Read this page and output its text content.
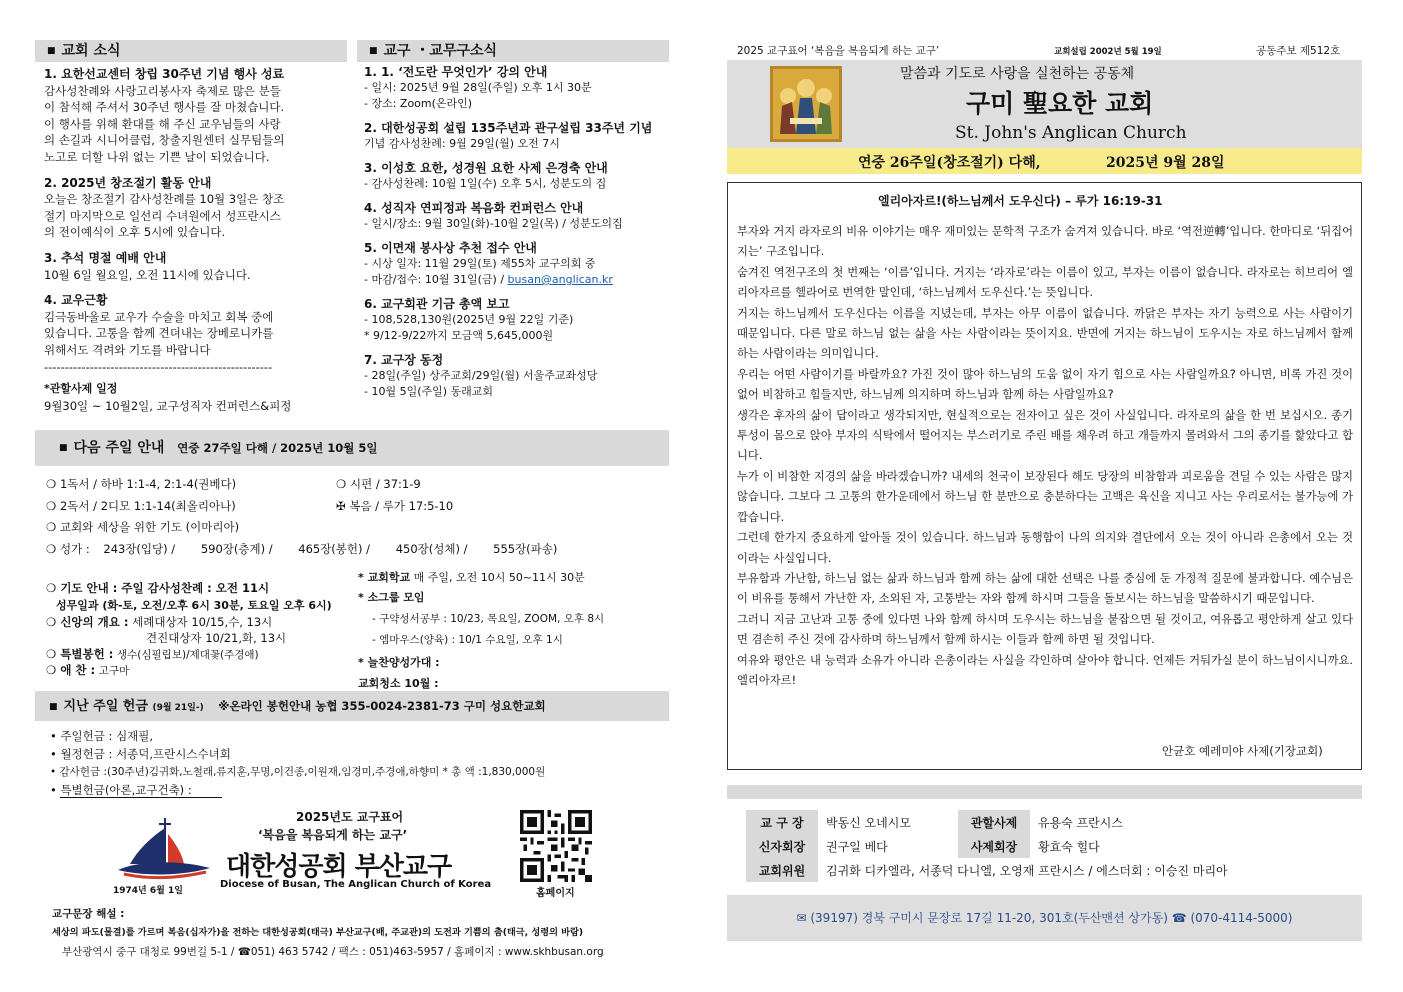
■ 교회 소식
1. 요한선교센터 창립 30주년 기념 행사 성료
감사성찬례와 사랑고리봉사자 축제로 많은 분들
이 참석해 주셔서 30주년 행사를 잘 마쳤습니다.
이 행사를 위해 환대를 해 주신 교우님들의 사랑
의 손길과 시니어클럽, 창출지원센터 실무팀들의
노고로 더할 나위 없는 기쁜 날이 되었습니다.
2. 2025년 창조절기 활동 안내
오늘은 창조절기 감사성찬례를 10월 3일은 창조
절기 마지막으로 일선리 수녀원에서 성프란시스
의 전이예식이 오후 5시에 있습니다.
3. 추석 명절 예배 안내
10월 6일 월요일, 오전 11시에 있습니다.
4. 교우근황
김극동바울로 교우가 수술을 마치고 회복 중에
있습니다. 고통을 함께 견뎌내는 장베로니카를
위해서도 격려와 기도를 바랍니다
-------------------------------------------------------
*관할사제 일정
9월30일 ~ 10월2일, 교구성직자 컨퍼런스&피정
■ 교구 ・교무구소식
1. 1. ‘전도란 무엇인가’ 강의 안내
- 일시: 2025년 9월 28일(주일) 오후 1시 30분
- 장소: Zoom(온라인)
2. 대한성공회 설립 135주년과 관구설립 33주년 기념
기념 감사성찬례: 9월 29일(월) 오전 7시
3. 이성호 요한, 성경원 요한 사제 은경축 안내
- 감사성찬례: 10월 1일(수) 오후 5시, 성분도의 집
4. 성직자 연피정과 복음화 컨퍼런스 안내
- 일시/장소: 9월 30일(화)-10월 2일(목) / 성분도의집
5. 이면재 봉사상 추천 접수 안내
- 시상 일자: 11월 29일(토) 제55차 교구의회 중
- 마감/접수: 10월 31일(금) / busan@anglican.kr
6. 교구회관 기금 총액 보고
- 108,528,130원(2025년 9월 22일 기준)
* 9/12-9/22까지 모금액 5,645,000원
7. 교구장 동정
- 28일(주일) 상주교회/29일(월) 서울주교좌성당
- 10월 5일(주일) 동래교회
■ 다음 주일 안내 연중 27주일 다해 / 2025년 10월 5일
❍ 1독서 / 하바 1:1-4, 2:1-4(권베다)	❍ 시편 / 37:1-9
❍ 2독서 / 2디모 1:1-14(최올리아나)	✠ 복음 / 루가 17:5-10
❍ 교회와 세상을 위한 기도 (이마리아)
❍ 성가 : 243장(입당) / 590장(층계) / 465장(봉헌) / 450장(성체) / 555장(파송)
❍ 기도 안내 : 주일 감사성찬례 : 오전 11시
성무일과 (화-토, 오전/오후 6시 30분, 토요일 오후 6시)
❍ 신앙의 개요 : 세례대상자 10/15,수, 13시
견진대상자 10/21,화, 13시
❍ 특별봉헌 : 생수(심필립보)/제대꽃(주경애)
❍ 애 찬 : 고구마
* 교회학교 매 주일, 오전 10시 50~11시 30분
* 소그룹 모임
- 구약성서공부 : 10/23, 목요일, ZOOM, 오후 8시
- 엠마우스(양육) : 10/1 수요일, 오후 1시
* 늘찬양성가대 :
교회청소 10월 :
■ 지난 주일 헌금 (9월 21일-) ※온라인 봉헌안내 농협 355-0024-2381-73 구미 성요한교회
• 주일헌금 : 심재필,
• 월정헌금 : 서종덕,프란시스수녀회
• 감사헌금 :(30주년)김귀화,노철래,류지훈,무명,이건종,이원재,임경미,주경애,하향미 * 총 액 :1,830,000원
• 특별헌금(아론,교구건축) :
1974년 6월 1일
2025년도 교구표어
‘복음을 복음되게 하는 교구’
대한성공회 부산교구
Diocese of Busan, The Anglican Church of Korea
홈페이지
교구문장 해설 :
세상의 파도(물결)를 가르며 복음(십자가)을 전하는 대한성공회(태극) 부산교구(배, 주교관)의 도전과 기쁨의 춤(태극, 성령의 바람)
부산광역시 중구 대청로 99번길 5-1 / ☎051) 463 5742 / 팩스 : 051)463-5957 / 홈페이지 : www.skhbusan.org
2025 교구표어 ‘복음을 복음되게 하는 교구’	교회설립 2002년 5월 19일	공동주보 제512호
말씀과 기도로 사랑을 실천하는 공동체
구미 聖요한 교회
St. John's Anglican Church
연중 26주일(창조절기) 다해,	2025년 9월 28일
엘리아자르!(하느님께서 도우신다) – 루가 16:19-31

부자와 거지 라자로의 비유 이야기는 매우 재미있는 문학적 구조가 숨겨져 있습니다. 바로 ‘역전逆轉’입니다. 한마디로 ‘뒤집어지는’ 구조입니다.

숨겨진 역전구조의 첫 번째는 ‘이름’입니다. 거지는 ‘라자로’라는 이름이 있고, 부자는 이름이 없습니다. 라자로는 히브리어 엘리아자르를 헬라어로 번역한 말인데, ‘하느님께서 도우신다.’는 뜻입니다.

거지는 하느님께서 도우신다는 이름을 지녔는데, 부자는 아무 이름이 없습니다. 까닭은 부자는 자기 능력으로 사는 사람이기 때문입니다. 다른 말로 하느님 없는 삶을 사는 사람이라는 뜻이지요. 반면에 거지는 하느님이 도우시는 자로 하느님께서 함께 하는 사람이라는 의미입니다.

우리는 어떤 사람이기를 바랄까요? 가진 것이 많아 하느님의 도움 없이 자기 힘으로 사는 사람일까요? 아니면, 비록 가진 것이 없어 비참하고 힘들지만, 하느님께 의지하며 하느님과 함께 하는 사람일까요?

생각은 후자의 삶이 답이라고 생각되지만, 현실적으로는 전자이고 싶은 것이 사실입니다. 라자로의 삶을 한 번 보십시오. 종기투성이 몸으로 앉아 부자의 식탁에서 떨어지는 부스러기로 주린 배를 채우려 하고 개들까지 몰려와서 그의 종기를 핥았다고 합니다.

누가 이 비참한 지경의 삶을 바라겠습니까? 내세의 천국이 보장된다 해도 당장의 비참함과 괴로움을 견딜 수 있는 사람은 많지 않습니다. 그보다 그 고통의 한가운데에서 하느님 한 분만으로 충분하다는 고백은 육신을 지니고 사는 우리로서는 불가능에 가깝습니다.

그런데 한가지 중요하게 알아둘 것이 있습니다. 하느님과 동행함이 나의 의지와 결단에서 오는 것이 아니라 은총에서 오는 것이라는 사실입니다.

부유함과 가난함, 하느님 없는 삶과 하느님과 함께 하는 삶에 대한 선택은 나를 중심에 둔 가정적 질문에 불과합니다. 예수님은 이 비유를 통해서 가난한 자, 소외된 자, 고통받는 자와 함께 하시며 그들을 돌보시는 하느님을 말씀하시기 때문입니다.

그러니 지금 고난과 고통 중에 있다면 나와 함께 하시며 도우시는 하느님을 붙잡으면 될 것이고, 여유롭고 평안하게 살고 있다면 겸손히 주신 것에 감사하며 하느님께서 함께 하시는 이들과 함께 하면 될 것입니다.

여유와 평안은 내 능력과 소유가 아니라 은총이라는 사실을 각인하며 살아야 합니다. 언제든 거둬가실 분이 하느님이시니까요. 엘리아자르!

안균호 예레미야 사제(기장교회)
교 구 장	박동신 오네시모	관할사제	유용숙 프란시스
신자회장	권구일 베다	사제회장	황효숙 힐다
교회위원	김귀화 디카엘라, 서종덕 다니엘, 오영재 프란시스 / 에스더회 : 이승진 마리아		
✉ (39197) 경북 구미시 문장로 17길 11-20, 301호(두산맨션 상가동) ☎ (070-4114-5000)
